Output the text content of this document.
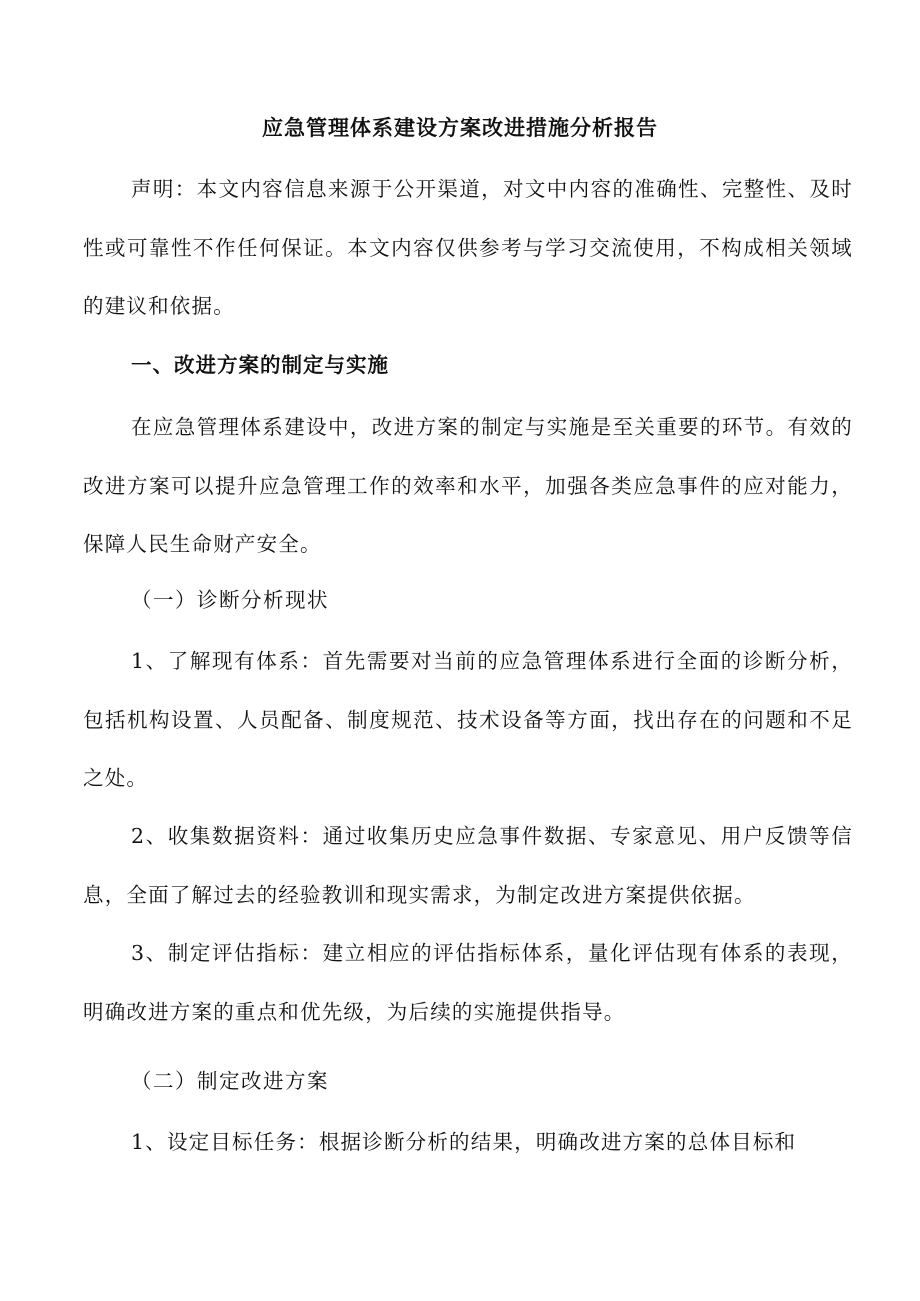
应急管理体系建设方案改进措施分析报告

声明：本文内容信息来源于公开渠道，对文中内容的准确性、完整性、及时性或可靠性不作任何保证。本文内容仅供参考与学习交流使用，不构成相关领域的建议和依据。

一、改进方案的制定与实施

在应急管理体系建设中，改进方案的制定与实施是至关重要的环节。有效的改进方案可以提升应急管理工作的效率和水平，加强各类应急事件的应对能力，保障人民生命财产安全。

（一）诊断分析现状

1、了解现有体系：首先需要对当前的应急管理体系进行全面的诊断分析，包括机构设置、人员配备、制度规范、技术设备等方面，找出存在的问题和不足之处。

2、收集数据资料：通过收集历史应急事件数据、专家意见、用户反馈等信息，全面了解过去的经验教训和现实需求，为制定改进方案提供依据。

3、制定评估指标：建立相应的评估指标体系，量化评估现有体系的表现，明确改进方案的重点和优先级，为后续的实施提供指导。

（二）制定改进方案

1、设定目标任务：根据诊断分析的结果，明确改进方案的总体目标和
